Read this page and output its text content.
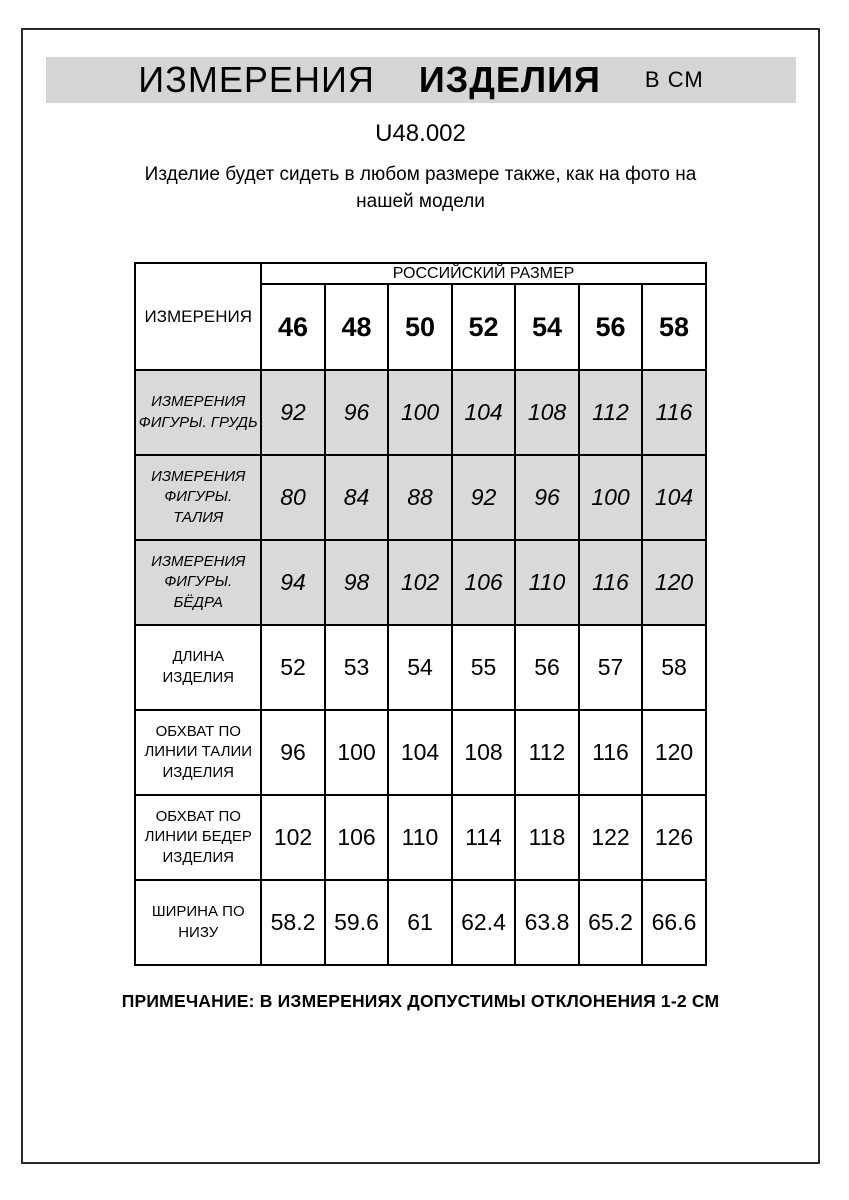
ИЗМЕРЕНИЯ ИЗДЕЛИЯ В СМ
U48.002
Изделие будет сидеть в любом размере также, как на фото на нашей модели
ИЗМЕРЕНИЯ	РОССИЙСКИЙ РАЗМЕР						
	46	48	50	52	54	56	58
ИЗМЕРЕНИЯ ФИГУРЫ. ГРУДЬ	92	96	100	104	108	112	116
ИЗМЕРЕНИЯ ФИГУРЫ. ТАЛИЯ	80	84	88	92	96	100	104
ИЗМЕРЕНИЯ ФИГУРЫ. БЁДРА	94	98	102	106	110	116	120
ДЛИНА ИЗДЕЛИЯ	52	53	54	55	56	57	58
ОБХВАТ ПО ЛИНИИ ТАЛИИ ИЗДЕЛИЯ	96	100	104	108	112	116	120
ОБХВАТ ПО ЛИНИИ БЕДЕР ИЗДЕЛИЯ	102	106	110	114	118	122	126
ШИРИНА ПО НИЗУ	58.2	59.6	61	62.4	63.8	65.2	66.6
ПРИМЕЧАНИЕ: В ИЗМЕРЕНИЯХ ДОПУСТИМЫ ОТКЛОНЕНИЯ 1-2 СМ
